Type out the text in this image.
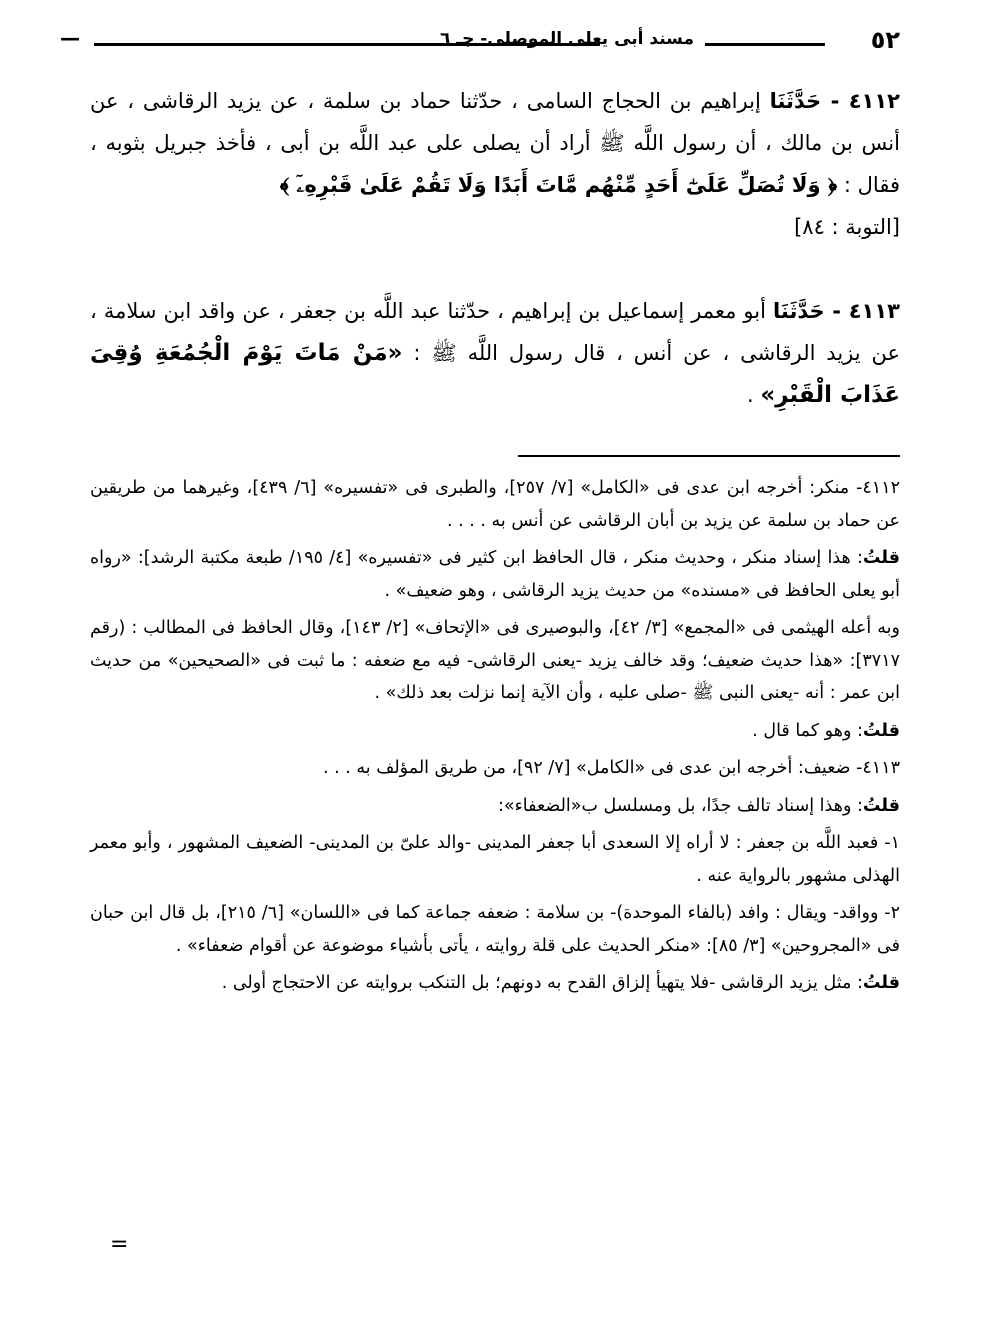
٥٢
مسند أبى يعلى الموصلى- جـ ٦
—
٤١١٢ - حَدَّثَنَا إبراهيم بن الحجاج السامى ، حدّثنا حماد بن سلمة ، عن يزيد الرقاشى ، عن أنس بن مالك ، أن رسول اللَّه ﷺ أراد أن يصلى على عبد اللَّه بن أبى ، فأخذ جبريل بثوبه ، فقال : ﴿ وَلَا تُصَلِّ عَلَىٰٓ أَحَدٍ مِّنْهُم مَّاتَ أَبَدًا وَلَا تَقُمْ عَلَىٰ قَبْرِهِۦٓ ﴾
[التوبة : ٨٤]
٤١١٣ - حَدَّثَنَا أبو معمر إسماعيل بن إبراهيم ، حدّثنا عبد اللَّه بن جعفر ، عن واقد ابن سلامة ، عن يزيد الرقاشى ، عن أنس ، قال رسول اللَّه ﷺ : «مَنْ مَاتَ يَوْمَ الْجُمُعَةِ وُقِىَ عَذَابَ الْقَبْرِ» .

٤١١٢- منكر: أخرجه ابن عدى فى «الكامل» [٧/ ٢٥٧]، والطبرى فى «تفسيره» [٦/ ٤٣٩]، وغيرهما من طريقين عن حماد بن سلمة عن يزيد بن أبان الرقاشى عن أنس به . . . .

قلتُ: هذا إسناد منكر ، وحديث منكر ، قال الحافظ ابن كثير فى «تفسيره» [٤/ ١٩٥/ طبعة مكتبة الرشد]: «رواه أبو يعلى الحافظ فى «مسنده» من حديث يزيد الرقاشى ، وهو ضعيف» .

وبه أعله الهيثمى فى «المجمع» [٣/ ٤٢]، والبوصيرى فى «الإتحاف» [٢/ ١٤٣]، وقال الحافظ فى المطالب : (رقم ٣٧١٧]: «هذا حديث ضعيف؛ وقد خالف يزيد -يعنى الرقاشى- فيه مع ضعفه : ما ثبت فى «الصحيحين» من حديث ابن عمر : أنه -يعنى النبى ﷺ -صلى عليه ، وأن الآية إنما نزلت بعد ذلك» .

قلتُ: وهو كما قال .

٤١١٣- ضعيف: أخرجه ابن عدى فى «الكامل» [٧/ ٩٢]، من طريق المؤلف به . . .

قلتُ: وهذا إسناد تالف جدًا، بل ومسلسل ب«الضعفاء»:

١- فعبد اللَّه بن جعفر : لا أراه إلا السعدى أبا جعفر المدينى -والد علىّ بن المدينى- الضعيف المشهور ، وأبو معمر الهذلى مشهور بالرواية عنه .

٢- وواقد- ويقال : وافد (بالفاء الموحدة)- بن سلامة : ضعفه جماعة كما فى «اللسان» [٦/ ٢١٥]، بل قال ابن حبان فى «المجروحين» [٣/ ٨٥]: «منكر الحديث على قلة روايته ، يأتى بأشياء موضوعة عن أقوام ضعفاء» .

قلتُ: مثل يزيد الرقاشى -فلا يتهيأ إلزاق القدح به دونهم؛ بل التنكب بروايته عن الاحتجاج أولى .

=
